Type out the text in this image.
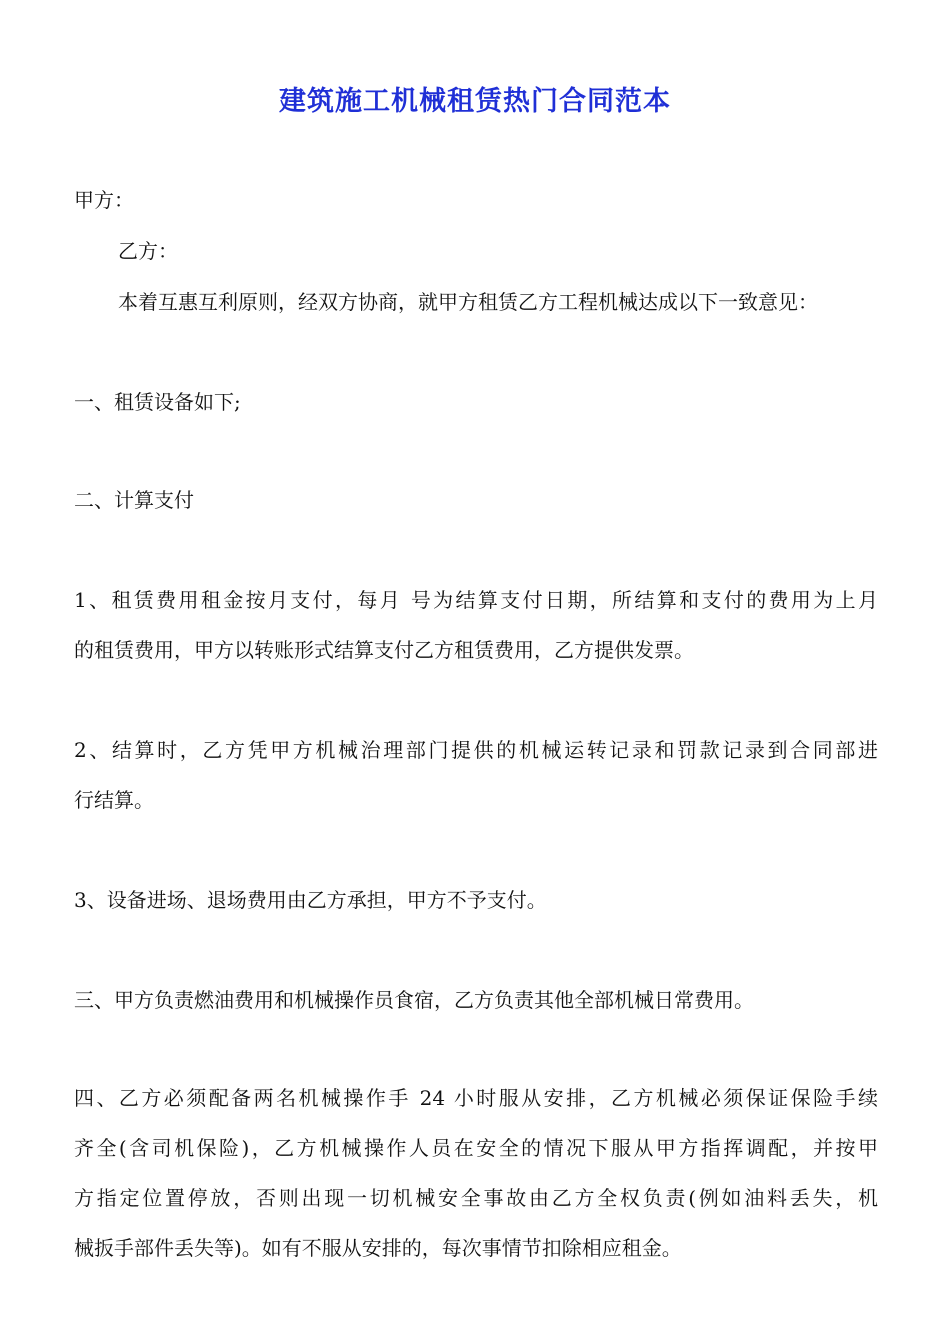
建筑施工机械租赁热门合同范本
甲方：
乙方：
本着互惠互利原则，经双方协商，就甲方租赁乙方工程机械达成以下一致意见：
一、租赁设备如下;
二、计算支付
1、租赁费用租金按月支付，每月 号为结算支付日期，所结算和支付的费用为上月
的租赁费用，甲方以转账形式结算支付乙方租赁费用，乙方提供发票。
2、结算时，乙方凭甲方机械治理部门提供的机械运转记录和罚款记录到合同部进
行结算。
3、设备进场、退场费用由乙方承担，甲方不予支付。
三、甲方负责燃油费用和机械操作员食宿，乙方负责其他全部机械日常费用。
四、乙方必须配备两名机械操作手 24 小时服从安排，乙方机械必须保证保险手续
齐全(含司机保险)，乙方机械操作人员在安全的情况下服从甲方指挥调配，并按甲
方指定位置停放，否则出现一切机械安全事故由乙方全权负责(例如油料丢失，机
械扳手部件丢失等)。如有不服从安排的，每次事情节扣除相应租金。
